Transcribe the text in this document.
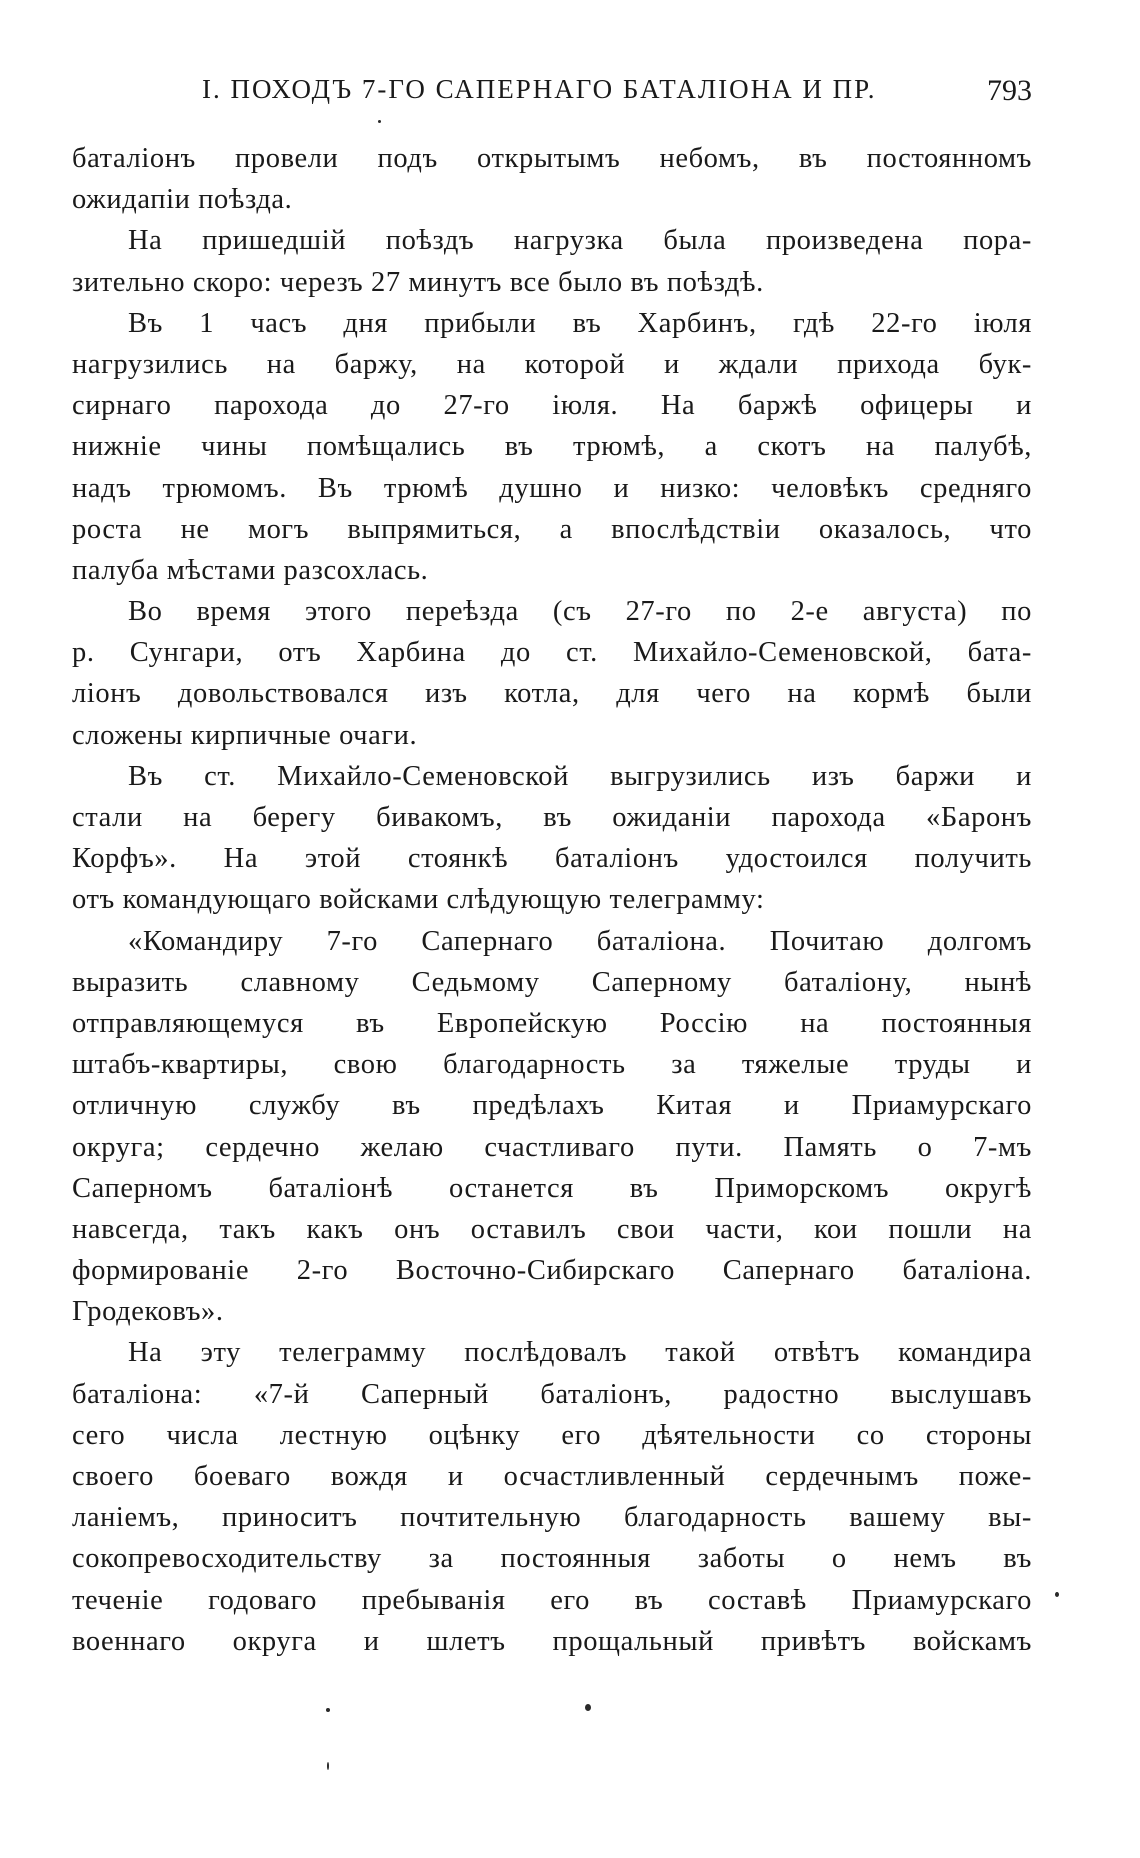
I. ПОХОДЪ 7-ГО САПЕРНАГО БАТАЛІОНА И ПР.	793
баталіонъ провели подъ открытымъ небомъ, въ постоянномъ
ожидапіи поѣзда.
На пришедшій поѣздъ нагрузка была произведена пора-
зительно скоро: черезъ 27 минутъ все было въ поѣздѣ.
Въ 1 часъ дня прибыли въ Харбинъ, гдѣ 22-го іюля
нагрузились на баржу, на которой и ждали прихода бук-
сирнаго парохода до 27-го іюля. На баржѣ офицеры и
нижніе чины помѣщались въ трюмѣ, а скотъ на палубѣ,
надъ трюмомъ. Въ трюмѣ душно и низко: человѣкъ средняго
роста не могъ выпрямиться, а впослѣдствіи оказалось, что
палуба мѣстами разсохлась.
Во время этого переѣзда (съ 27-го по 2-е августа) по
р. Сунгари, отъ Харбина до ст. Михайло-Семеновской, бата-
ліонъ довольствовался изъ котла, для чего на кормѣ были
сложены кирпичные очаги.
Въ ст. Михайло-Семеновской выгрузились изъ баржи и
стали на берегу бивакомъ, въ ожиданіи парохода «Баронъ
Корфъ». На этой стоянкѣ баталіонъ удостоился получить
отъ командующаго войсками слѣдующую телеграмму:
«Командиру 7-го Сапернаго баталіона. Почитаю долгомъ
выразить славному Седьмому Саперному баталіону, нынѣ
отправляющемуся въ Европейскую Россію на постоянныя
штабъ-квартиры, свою благодарность за тяжелые труды и
отличную службу въ предѣлахъ Китая и Приамурскаго
округа; сердечно желаю счастливаго пути. Память о 7-мъ
Саперномъ баталіонѣ останется въ Приморскомъ округѣ
навсегда, такъ какъ онъ оставилъ свои части, кои пошли на
формированіе 2-го Восточно-Сибирскаго Сапернаго баталіона.
Гродековъ».
На эту телеграмму послѣдовалъ такой отвѣтъ командира
баталіона: «7-й Саперный баталіонъ, радостно выслушавъ
сего числа лестную оцѣнку его дѣятельности со стороны
своего боеваго вождя и осчастливленный сердечнымъ поже-
ланіемъ, приноситъ почтительную благодарность вашему вы-
сокопревосходительству за постоянныя заботы о немъ въ
теченіе годоваго пребыванія его въ составѣ Приамурскаго
военнаго округа и шлетъ прощальный привѣтъ войскамъ
